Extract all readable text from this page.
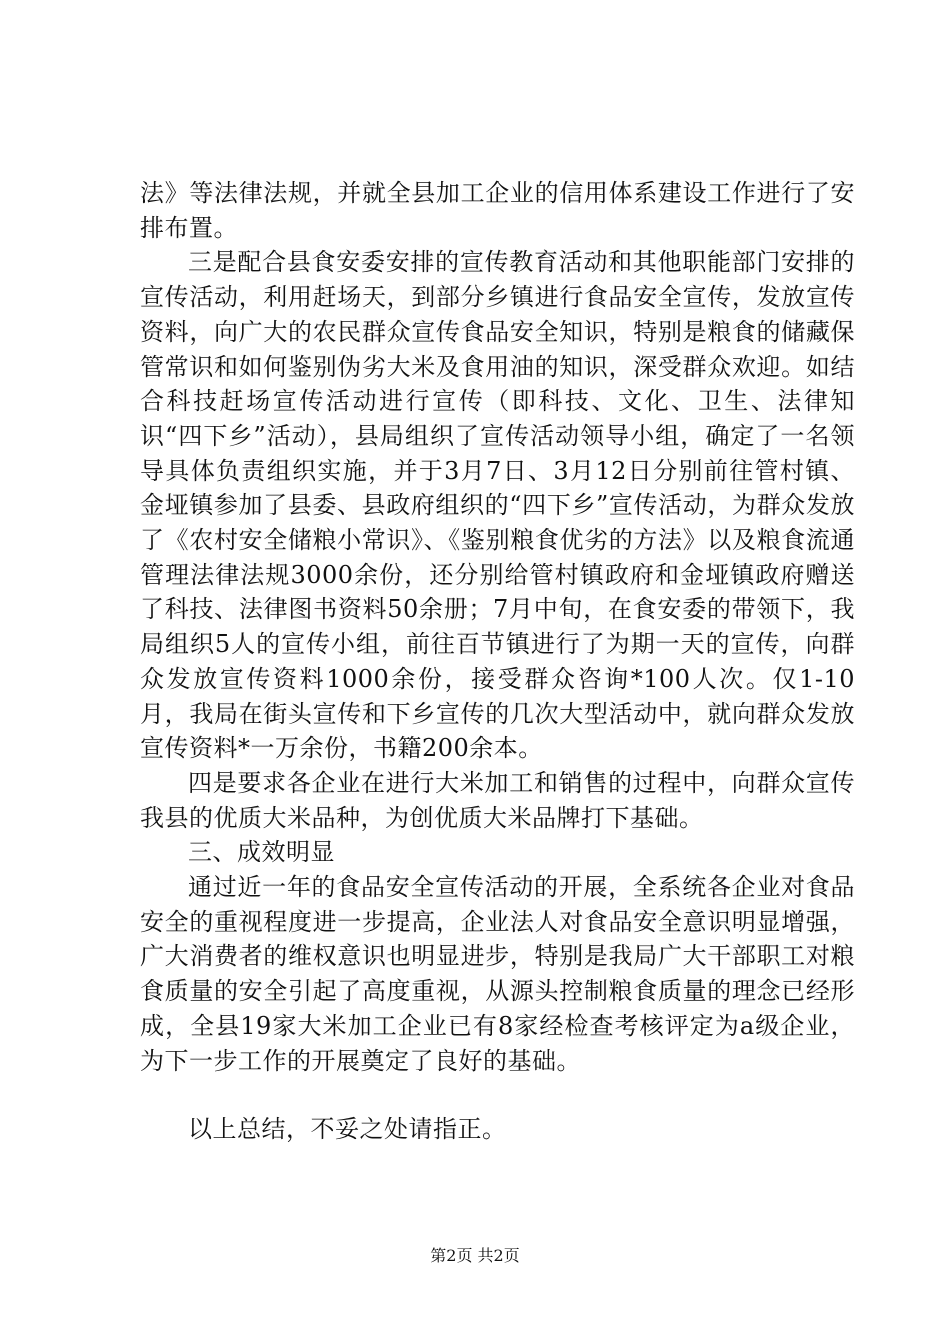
法》等法律法规，并就全县加工企业的信用体系建设工作进行了安排布置。

三是配合县食安委安排的宣传教育活动和其他职能部门安排的宣传活动，利用赶场天，到部分乡镇进行食品安全宣传，发放宣传资料，向广大的农民群众宣传食品安全知识，特别是粮食的储藏保管常识和如何鉴别伪劣大米及食用油的知识，深受群众欢迎。如结合科技赶场宣传活动进行宣传（即科技、文化、卫生、法律知识“四下乡”活动），县局组织了宣传活动领导小组，确定了一名领导具体负责组织实施，并于3月7日、3月12日分别前往管村镇、金垭镇参加了县委、县政府组织的“四下乡”宣传活动，为群众发放了《农村安全储粮小常识》、《鉴别粮食优劣的方法》以及粮食流通管理法律法规3000余份，还分别给管村镇政府和金垭镇政府赠送了科技、法律图书资料50余册；7月中旬，在食安委的带领下，我局组织5人的宣传小组，前往百节镇进行了为期一天的宣传，向群众发放宣传资料1000余份，接受群众咨询*100人次。仅1-10月，我局在街头宣传和下乡宣传的几次大型活动中，就向群众发放宣传资料*一万余份，书籍200余本。

四是要求各企业在进行大米加工和销售的过程中，向群众宣传我县的优质大米品种，为创优质大米品牌打下基础。

三、成效明显

通过近一年的食品安全宣传活动的开展，全系统各企业对食品安全的重视程度进一步提高，企业法人对食品安全意识明显增强，广大消费者的维权意识也明显进步，特别是我局广大干部职工对粮食质量的安全引起了高度重视，从源头控制粮食质量的理念已经形成，全县19家大米加工企业已有8家经检查考核评定为a级企业，为下一步工作的开展奠定了良好的基础。

以上总结，不妥之处请指正。

第2页 共2页
